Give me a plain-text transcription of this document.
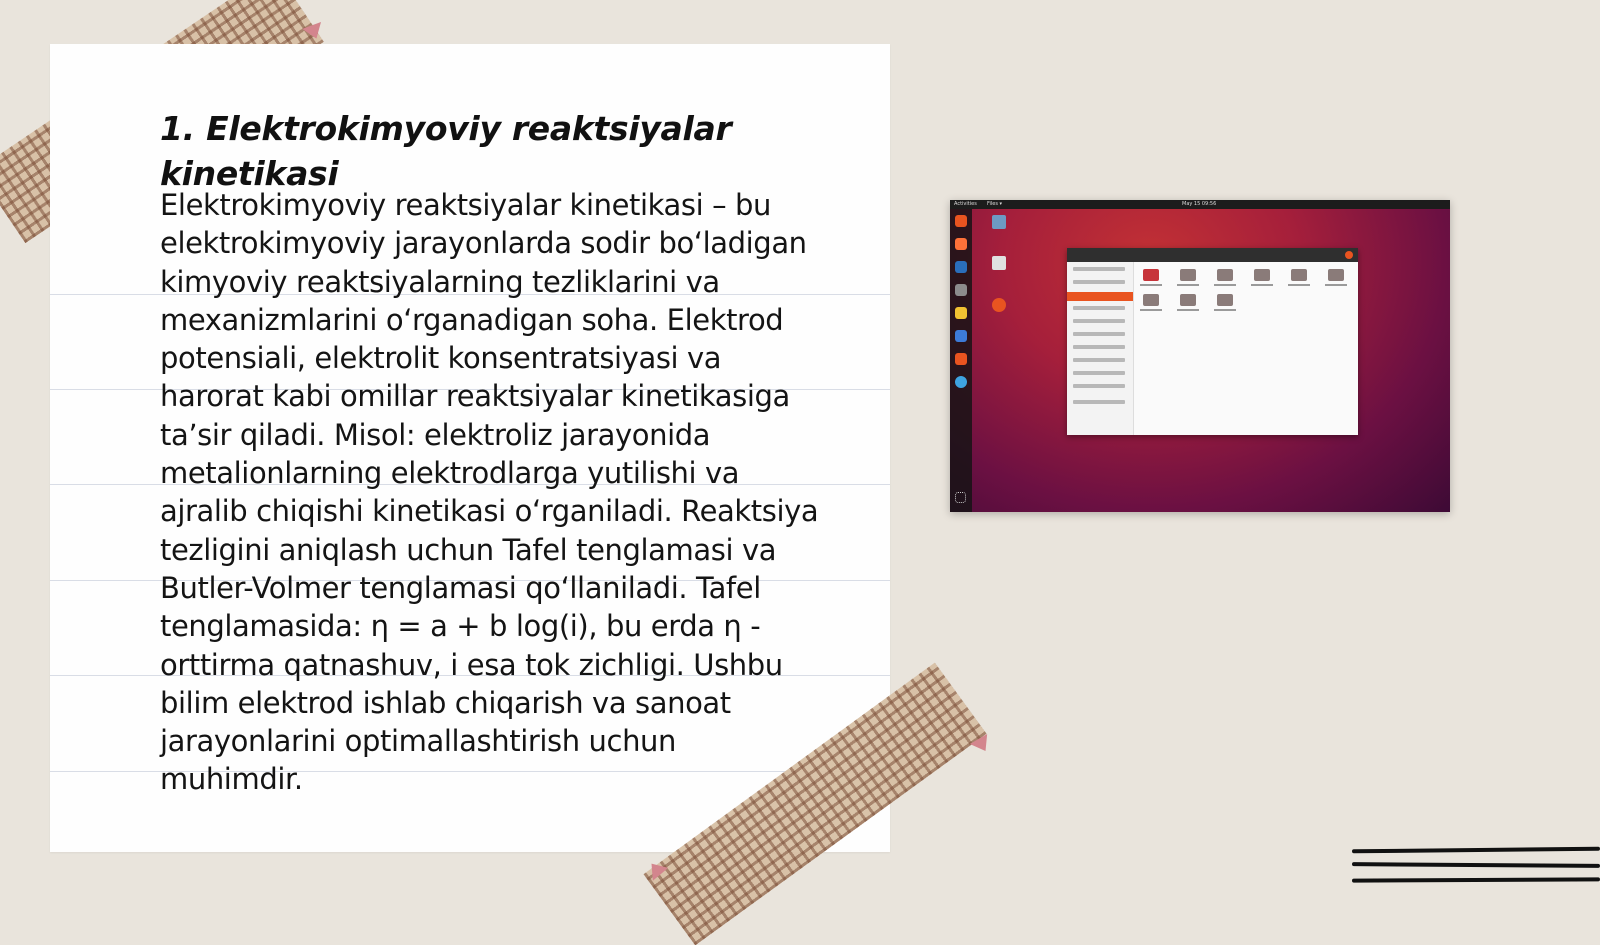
1. Elektrokimyoviy reaktsiyalar kinetikasi

Elektrokimyoviy reaktsiyalar kinetikasi – bu elektrokimyoviy jarayonlarda sodir bo‘ladigan kimyoviy reaktsiyalarning tezliklarini va mexanizmlarini o‘rganadigan soha. Elektrod potensiali, elektrolit konsentratsiyasi va harorat kabi omillar reaktsiyalar kinetikasiga ta’sir qiladi. Misol: elektroliz jarayonida metalionlarning elektrodlarga yutilishi va ajralib chiqishi kinetikasi o‘rganiladi. Reaktsiya tezligini aniqlash uchun Tafel tenglamasi va Butler-Volmer tenglamasi qo‘llaniladi. Tafel tenglamasida: η = a + b log(i), bu erda η - orttirma qatnashuv, i esa tok zichligi. Ushbu bilim elektrod ishlab chiqarish va sanoat jarayonlarini optimallashtirish uchun muhimdir.

Activities Files ▾	May 15 09:56
